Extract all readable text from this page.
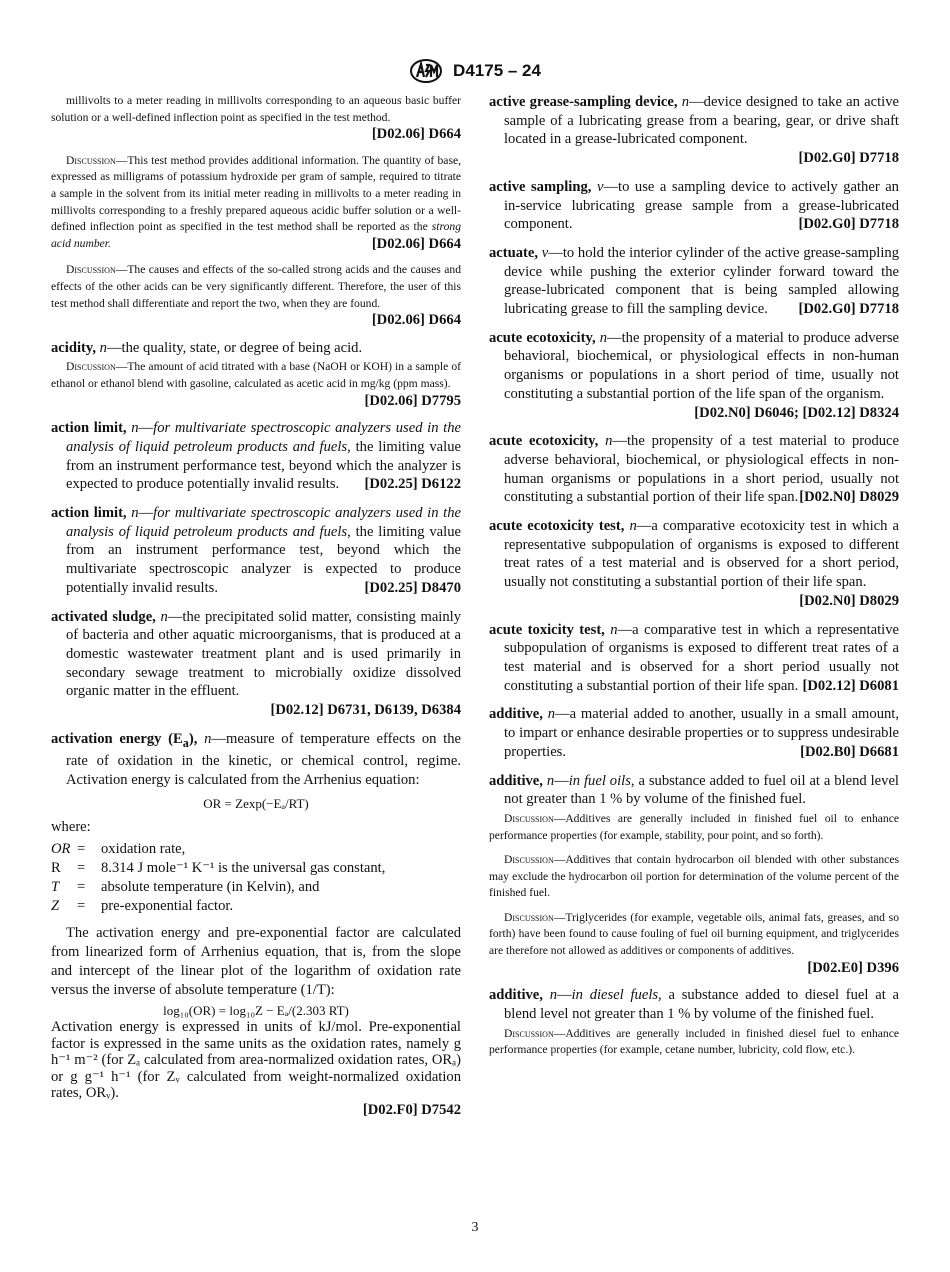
D4175 – 24
millivolts to a meter reading in millivolts corresponding to an aqueous basic buffer solution or a well-defined inflection point as specified in the test method.
[D02.06] D664
Discussion—This test method provides additional information. The quantity of base, expressed as milligrams of potassium hydroxide per gram of sample, required to titrate a sample in the solvent from its initial meter reading in millivolts to a meter reading in millivolts corresponding to a freshly prepared aqueous acidic buffer solution or a well-defined inflection point as specified in the test method shall be reported as the strong acid number.	[D02.06] D664
Discussion—The causes and effects of the so-called strong acids and the causes and effects of the other acids can be very significantly different. Therefore, the user of this test method shall differentiate and report the two, when they are found.
[D02.06] D664
acidity, n—the quality, state, or degree of being acid.
Discussion—The amount of acid titrated with a base (NaOH or KOH) in a sample of ethanol or ethanol blend with gasoline, calculated as acetic acid in mg/kg (ppm mass).
[D02.06] D7795
action limit, n—for multivariate spectroscopic analyzers used in the analysis of liquid petroleum products and fuels, the limiting value from an instrument performance test, beyond which the analyzer is expected to produce potentially invalid results. [D02.25] D6122
action limit, n—for multivariate spectroscopic analyzers used in the analysis of liquid petroleum products and fuels, the limiting value from an instrument performance test, beyond which the multivariate spectroscopic analyzer is expected to produce potentially invalid results.	[D02.25] D8470
activated sludge, n—the precipitated solid matter, consisting mainly of bacteria and other aquatic microorganisms, that is produced at a domestic wastewater treatment plant and is used primarily in secondary sewage treatment to microbially oxidize dissolved organic matter in the effluent.
[D02.12] D6731, D6139, D6384
activation energy $(E_a)$, n—measure of temperature effects on the rate of oxidation in the kinetic, or chemical control, regime. Activation energy is calculated from the Arrhenius equation:
OR = Zexp(−Eₐ/RT)
where:
OR =	oxidation rate,
R	=	8.314 J mole⁻¹ K⁻¹ is the universal gas constant,
T	=	absolute temperature (in Kelvin), and
Z	=	pre-exponential factor.
The activation energy and pre-exponential factor are calculated from linearized form of Arrhenius equation, that is, from the slope and intercept of the linear plot of the logarithm of oxidation rate versus the inverse of absolute temperature (1/T):
log₁₀(OR) = log₁₀Z − Eₐ/(2.303 RT)
Activation energy is expressed in units of kJ/mol. Pre-exponential factor is expressed in the same units as the oxidation rates, namely g h⁻¹ m⁻² (for Zₐ calculated from area-normalized oxidation rates, ORₐ) or g g⁻¹ h⁻¹ (for Zᵥ calculated from weight-normalized oxidation rates, ORᵥ).
[D02.F0] D7542
active grease-sampling device, n—device designed to take an active sample of a lubricating grease from a bearing, gear, or drive shaft located in a grease-lubricated component.
[D02.G0] D7718
active sampling, v—to use a sampling device to actively gather an in-service lubricating grease sample from a grease-lubricated component.	[D02.G0] D7718
actuate, v—to hold the interior cylinder of the active grease-sampling device while pushing the exterior cylinder forward toward the grease-lubricated component that is being sampled allowing lubricating grease to fill the sampling device. [D02.G0] D7718
acute ecotoxicity, n—the propensity of a material to produce adverse behavioral, biochemical, or physiological effects in non-human organisms or populations in a short period of time, usually not constituting a substantial portion of the life span of the organism.
[D02.N0] D6046; [D02.12] D8324
acute ecotoxicity, n—the propensity of a test material to produce adverse behavioral, biochemical, or physiological effects in non-human organisms or populations in a short period, usually not constituting a substantial portion of their life span. [D02.N0] D8029
acute ecotoxicity test, n—a comparative ecotoxicity test in which a representative subpopulation of organisms is exposed to different treat rates of a test material and is observed for a short period, usually not constituting a substantial portion of their life span.
[D02.N0] D8029
acute toxicity test, n—a comparative test in which a representative subpopulation of organisms is exposed to different treat rates of a test material and is observed for a short period usually not constituting a substantial portion of their life span. [D02.12] D6081
additive, n—a material added to another, usually in a small amount, to impart or enhance desirable properties or to suppress undesirable properties.	[D02.B0] D6681
additive, n—in fuel oils, a substance added to fuel oil at a blend level not greater than 1 % by volume of the finished fuel.
Discussion—Additives are generally included in finished fuel oil to enhance performance properties (for example, stability, pour point, and so forth).
Discussion—Additives that contain hydrocarbon oil blended with other substances may exclude the hydrocarbon oil portion for determination of the volume percent of the finished fuel.
Discussion—Triglycerides (for example, vegetable oils, animal fats, greases, and so forth) have been found to cause fouling of fuel oil burning equipment, and triglycerides are therefore not allowed as additives or components of additives.
[D02.E0] D396
additive, n—in diesel fuels, a substance added to diesel fuel at a blend level not greater than 1 % by volume of the finished fuel.
Discussion—Additives are generally included in finished diesel fuel to enhance performance properties (for example, cetane number, lubricity, cold flow, etc.).
3
